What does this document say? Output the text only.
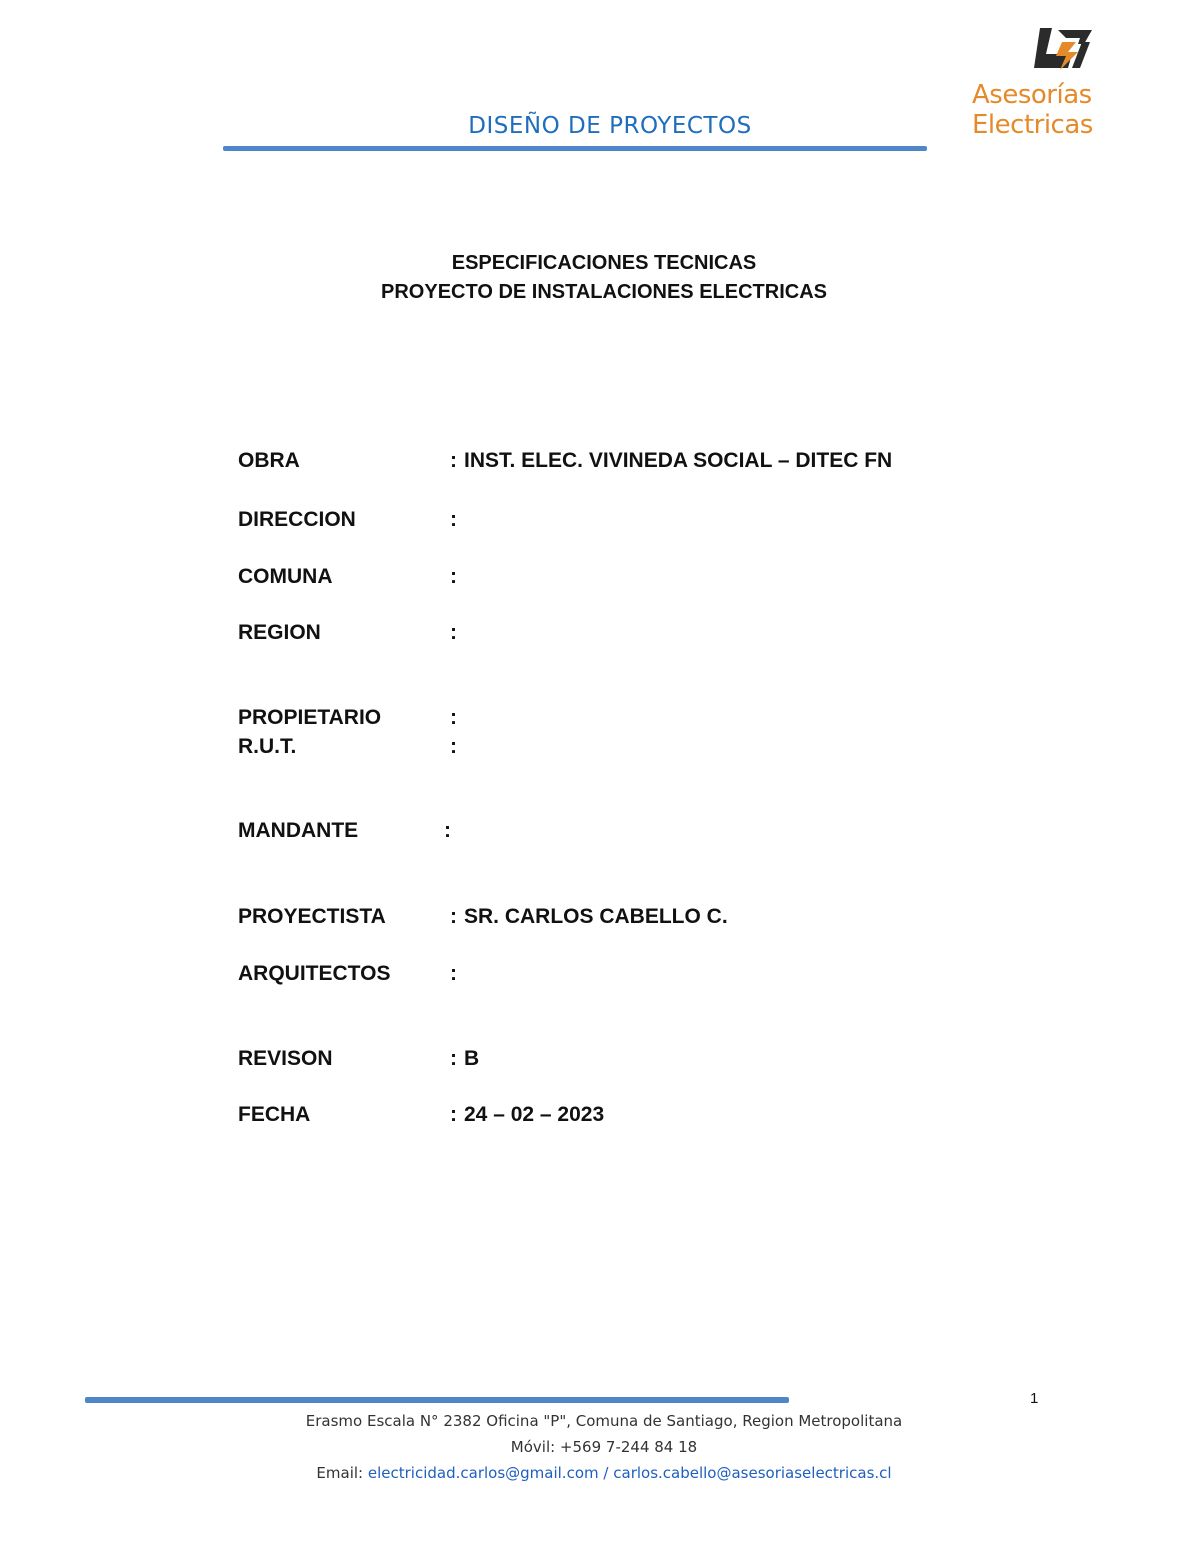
Asesorías Electricas
DISEÑO DE PROYECTOS
ESPECIFICACIONES TECNICAS
PROYECTO DE INSTALACIONES ELECTRICAS
OBRA	: INST. ELEC. VIVINEDA SOCIAL – DITEC FN
DIRECCION	:
COMUNA	:
REGION	:
PROPIETARIO	:
R.U.T.	:
MANDANTE	:
PROYECTISTA	: SR. CARLOS CABELLO C.
ARQUITECTOS	:
REVISON	: B
FECHA	: 24 – 02 – 2023
1
Erasmo Escala N° 2382 Oficina "P", Comuna de Santiago, Region Metropolitana
Móvil: +569 7-244 84 18
Email: electricidad.carlos@gmail.com / carlos.cabello@asesoriaselectricas.cl
